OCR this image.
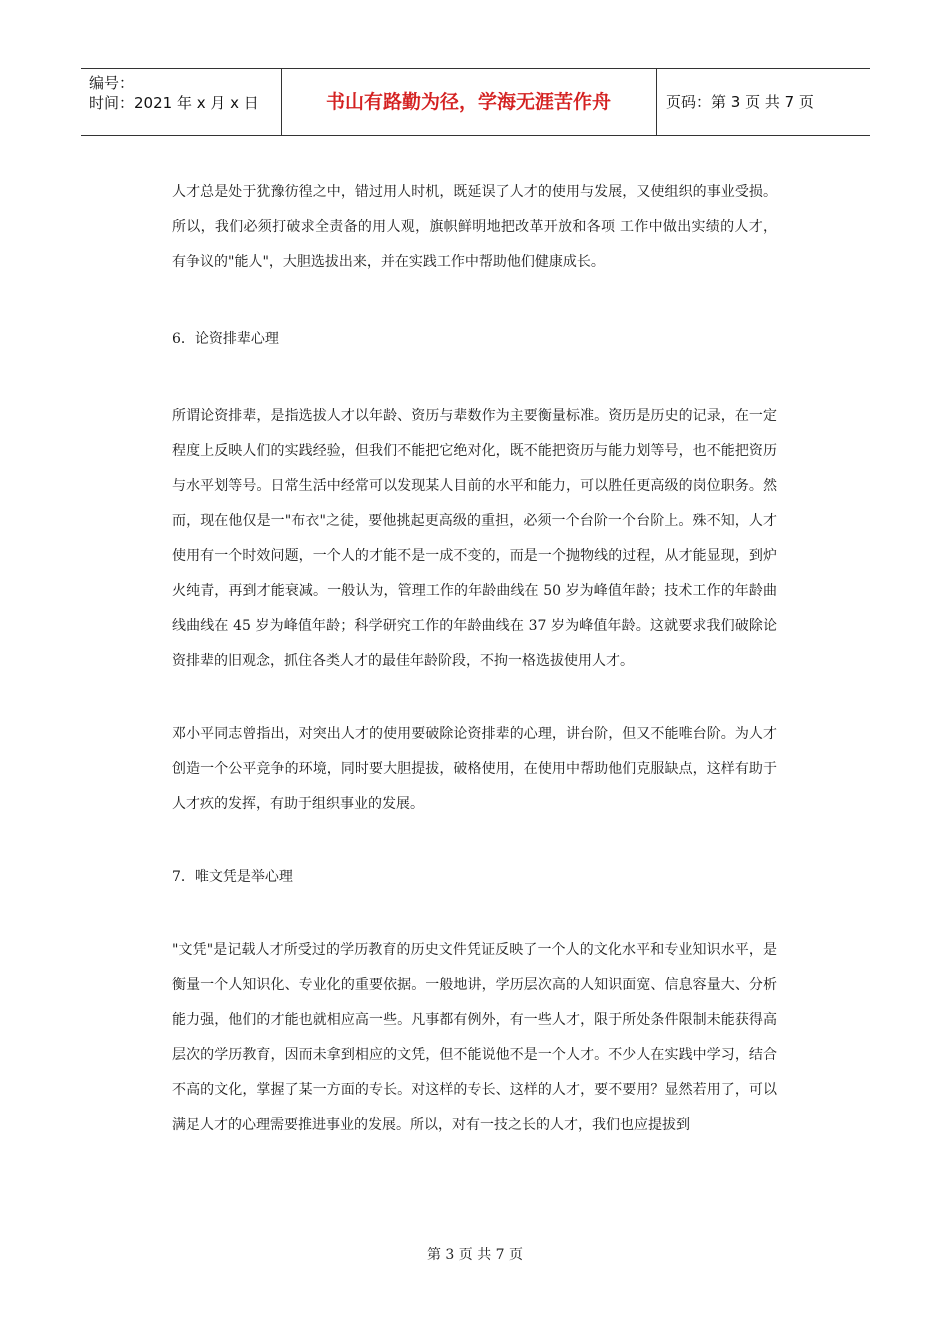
编号：
时间：2021 年 x 月 x 日	书山有路勤为径，学海无涯苦作舟	页码：第 3 页 共 7 页

人才总是处于犹豫彷徨之中，错过用人时机，既延误了人才的使用与发展，又使组织的事业受损。所以，我们必须打破求全责备的用人观，旗帜鲜明地把改革开放和各项 工作中做出实绩的人才，有争议的"能人"，大胆选拔出来，并在实践工作中帮助他们健康成长。

6．论资排辈心理

所谓论资排辈，是指选拔人才以年龄、资历与辈数作为主要衡量标准。资历是历史的记录，在一定程度上反映人们的实践经验，但我们不能把它绝对化，既不能把资历与能力划等号，也不能把资历与水平划等号。日常生活中经常可以发现某人目前的水平和能力，可以胜任更高级的岗位职务。然而，现在他仅是一"布衣"之徒，要他挑起更高级的重担，必须一个台阶一个台阶上。殊不知，人才使用有一个时效问题，一个人的才能不是一成不变的，而是一个抛物线的过程，从才能显现，到炉火纯青，再到才能衰减。一般认为，管理工作的年龄曲线在 50 岁为峰值年龄；技术工作的年龄曲线曲线在 45 岁为峰值年龄；科学研究工作的年龄曲线在 37 岁为峰值年龄。这就要求我们破除论资排辈的旧观念，抓住各类人才的最佳年龄阶段，不拘一格选拔使用人才。

邓小平同志曾指出，对突出人才的使用要破除论资排辈的心理，讲台阶，但又不能唯台阶。为人才创造一个公平竞争的环境，同时要大胆提拔，破格使用，在使用中帮助他们克服缺点，这样有助于人才疚的发挥，有助于组织事业的发展。

7．唯文凭是举心理

"文凭"是记载人才所受过的学历教育的历史文件凭证反映了一个人的文化水平和专业知识水平，是衡量一个人知识化、专业化的重要依据。一般地讲，学历层次高的人知识面宽、信息容量大、分析能力强，他们的才能也就相应高一些。凡事都有例外，有一些人才，限于所处条件限制未能获得高层次的学历教育，因而未拿到相应的文凭，但不能说他不是一个人才。不少人在实践中学习，结合不高的文化，掌握了某一方面的专长。对这样的专长、这样的人才，要不要用？显然若用了，可以满足人才的心理需要推进事业的发展。所以，对有一技之长的人才，我们也应提拔到

第 3 页 共 7 页
